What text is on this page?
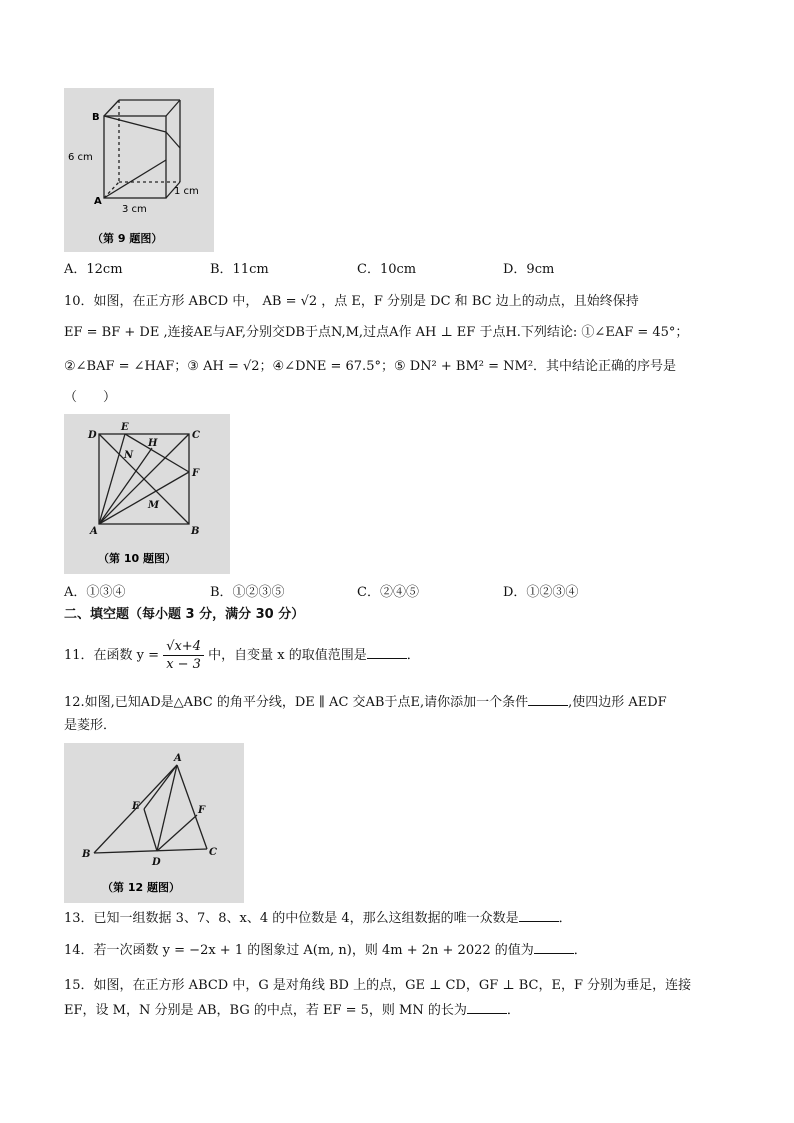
B
A
6 cm
3 cm
1 cm
（第 9 题图）
A．12cm	B．11cm	C．10cm	D．9cm
10．如图，在正方形 ABCD 中， AB = √2 ，点 E，F 分别是 DC 和 BC 边上的动点，且始终保持
EF = BF + DE ,连接AE与AF,分别交DB于点N,M,过点A作 AH ⊥ EF 于点H.下列结论: ①∠EAF = 45°；
②∠BAF = ∠HAF；③ AH = √2；④∠DNE = 67.5°；⑤ DN² + BM² = NM²．其中结论正确的序号是
（　　）
D
E
C
H
N
F
M
A	B
（第 10 题图）
A．①③④	B．①②③⑤	C．②④⑤	D．①②③④
二、填空题（每小题 3 分，满分 30 分）
11．在函数 $y = \frac{√x+4}{x - 3}$ 中，自变量 x 的取值范围是	．
12.如图,已知AD是△ABC 的角平分线，DE ∥ AC 交AB于点E,请你添加一个条件	,使四边形 AEDF
是菱形．
A
E	F
B
D
C
（第 12 题图）
13．已知一组数据 3、7、8、x、4 的中位数是 4，那么这组数据的唯一众数是	．
14．若一次函数 y = −2x + 1 的图象过 A(m, n)，则 4m + 2n + 2022 的值为	．
15．如图，在正方形 ABCD 中，G 是对角线 BD 上的点，GE ⊥ CD，GF ⊥ BC，E，F 分别为垂足，连接
EF，设 M，N 分别是 AB，BG 的中点，若 EF = 5，则 MN 的长为	．
